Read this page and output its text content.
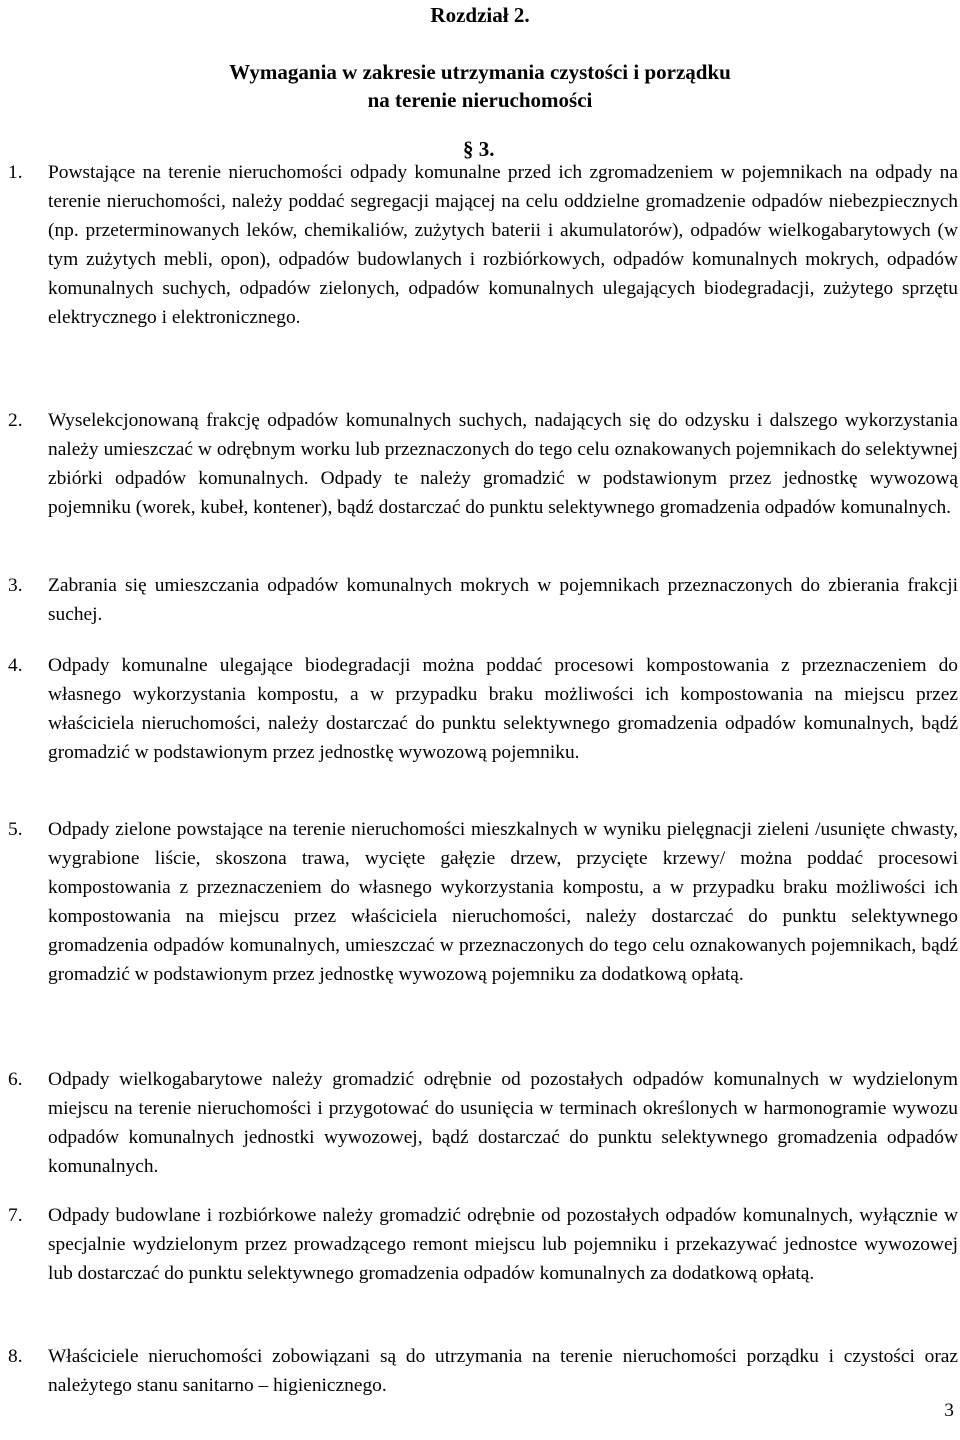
Rozdział 2.
Wymagania w zakresie utrzymania czystości i porządku
na terenie nieruchomości
§ 3.
1.	Powstające na terenie nieruchomości odpady komunalne przed ich zgromadzeniem w pojemnikach na odpady na terenie nieruchomości, należy poddać segregacji mającej na celu oddzielne gromadzenie odpadów niebezpiecznych (np. przeterminowanych leków, chemikaliów, zużytych baterii i akumulatorów), odpadów wielkogabarytowych (w tym zużytych mebli, opon), odpadów budowlanych i rozbiórkowych, odpadów komunalnych mokrych, odpadów komunalnych suchych, odpadów zielonych, odpadów komunalnych ulegających biodegradacji, zużytego sprzętu elektrycznego i elektronicznego.
2.	Wyselekcjonowaną frakcję odpadów komunalnych suchych, nadających się do odzysku i dalszego wykorzystania należy umieszczać w odrębnym worku lub przeznaczonych do tego celu oznakowanych pojemnikach do selektywnej zbiórki odpadów komunalnych. Odpady te należy gromadzić w podstawionym przez jednostkę wywozową pojemniku (worek, kubeł, kontener), bądź dostarczać do punktu selektywnego gromadzenia odpadów komunalnych.
3.	Zabrania się umieszczania odpadów komunalnych mokrych w pojemnikach przeznaczonych do zbierania frakcji suchej.
4.	Odpady komunalne ulegające biodegradacji można poddać procesowi kompostowania z przeznaczeniem do własnego wykorzystania kompostu, a w przypadku braku możliwości ich kompostowania na miejscu przez właściciela nieruchomości, należy dostarczać do punktu selektywnego gromadzenia odpadów komunalnych, bądź gromadzić w podstawionym przez jednostkę wywozową pojemniku.
5.	Odpady zielone powstające na terenie nieruchomości mieszkalnych w wyniku pielęgnacji zieleni /usunięte chwasty, wygrabione liście, skoszona trawa, wycięte gałęzie drzew, przycięte krzewy/ można poddać procesowi kompostowania z przeznaczeniem do własnego wykorzystania kompostu, a w przypadku braku możliwości ich kompostowania na miejscu przez właściciela nieruchomości, należy dostarczać do punktu selektywnego gromadzenia odpadów komunalnych, umieszczać w przeznaczonych do tego celu oznakowanych pojemnikach, bądź gromadzić w podstawionym przez jednostkę wywozową pojemniku za dodatkową opłatą.
6.	Odpady wielkogabarytowe należy gromadzić odrębnie od pozostałych odpadów komunalnych w wydzielonym miejscu na terenie nieruchomości i przygotować do usunięcia w terminach określonych w harmonogramie wywozu odpadów komunalnych jednostki wywozowej, bądź dostarczać do punktu selektywnego gromadzenia odpadów komunalnych.
7.	Odpady budowlane i rozbiórkowe należy gromadzić odrębnie od pozostałych odpadów komunalnych, wyłącznie w specjalnie wydzielonym przez prowadzącego remont miejscu lub pojemniku i przekazywać jednostce wywozowej lub dostarczać do punktu selektywnego gromadzenia odpadów komunalnych za dodatkową opłatą.
8.	Właściciele nieruchomości zobowiązani są do utrzymania na terenie nieruchomości porządku i czystości oraz należytego stanu sanitarno – higienicznego.
3
